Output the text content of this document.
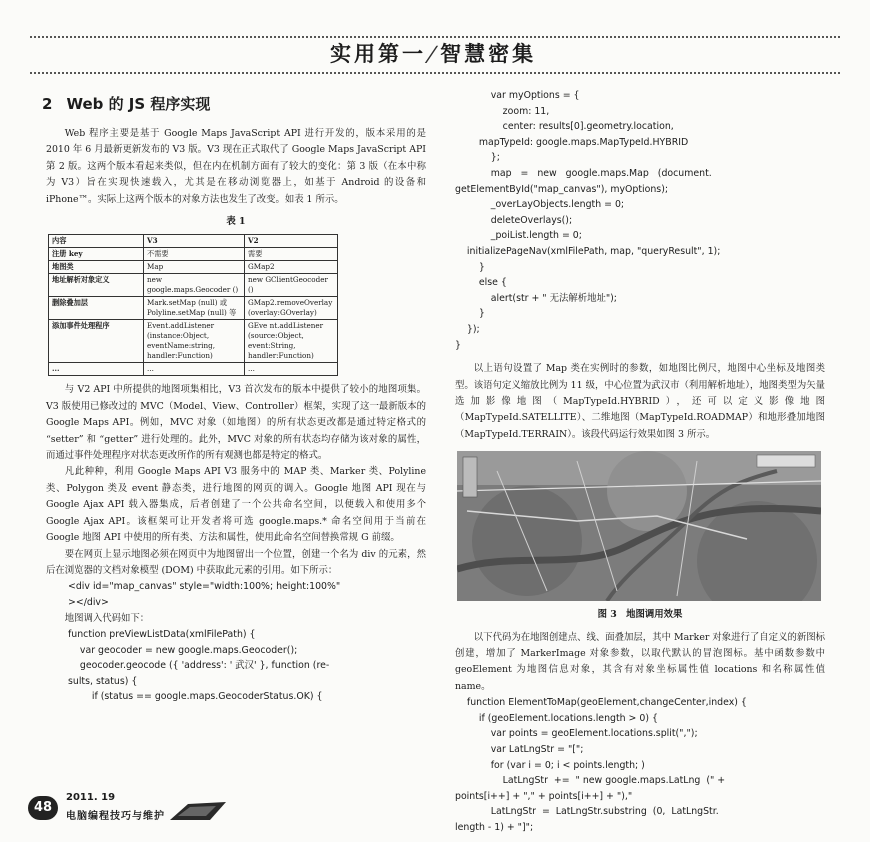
实用第一/智慧密集
2 Web 的 JS 程序实现

Web 程序主要是基于 Google Maps JavaScript API 进行开发的，版本采用的是 2010 年 6 月最新更新发布的 V3 版。V3 现在正式取代了 Google Maps JavaScript API 第 2 版。这两个版本看起来类似，但在内在机制方面有了较大的变化：第 3 版（在本中称为 V3）旨在实现快速载入，尤其是在移动浏览器上，如基于 Android 的设备和 iPhone™。实际上这两个版本的对象方法也发生了改变。如表 1 所示。

表 1
内容	V3	V2
注册 key	不需要	需要
地图类	Map	GMap2
地址解析对象定义	new google.maps.Geocoder ()	new GClientGeocoder ()
删除叠加层	Mark.setMap (null) 或 Polyline.setMap (null) 等	GMap2.removeOverlay (overlay:GOverlay)
添加事件处理程序	Event.addListener (instance:Object, eventName:string, handler:Function)	GEve nt.addListener (source:Object, event:String, handler:Function)
...	...	...

与 V2 API 中所提供的地图项集相比，V3 首次发布的版本中提供了较小的地图项集。V3 版使用已修改过的 MVC（Model、View、Controller）框架，实现了这一最新版本的 Google Maps API。例如，MVC 对象（如地图）的所有状态更改都是通过特定格式的 “setter” 和 “getter” 进行处理的。此外，MVC 对象的所有状态均存储为该对象的属性，而通过事件处理程序对状态更改所作的所有观测也都是特定的格式。

凡此种种，利用 Google Maps API V3 服务中的 MAP 类、Marker 类、Polyline 类、Polygon 类及 event 静态类，进行地图的网页的调入。Google 地图 API 现在与 Google Ajax API 载入器集成，后者创建了一个公共命名空间，以便载入和使用多个 Google Ajax API。该框架可让开发者将可选 google.maps.* 命名空间用于当前在 Google 地图 API 中使用的所有类、方法和属性，使用此命名空间替换常规 G 前缀。

要在网页上显示地图必须在网页中为地图留出一个位置，创建一个名为 div 的元素，然后在浏览器的文档对象模型 (DOM) 中获取此元素的引用。如下所示：

<div id="map_canvas" style="width:100%; height:100%"
></div>

地图调入代码如下：

function preViewListData(xmlFilePath) {
var geocoder = new google.maps.Geocoder();
geocoder.geocode ({ 'address': ' 武汉' }, function (re-
sults, status) {
if (status == google.maps.GeocoderStatus.OK) {
var myOptions = {
zoom: 11,
center: results[0].geometry.location,
mapTypeId: google.maps.MapTypeId.HYBRID
};
map   =   new   google.maps.Map   (document.
getElementById("map_canvas"), myOptions);
_overLayObjects.length = 0;
deleteOverlays();
_poiList.length = 0;
initializePageNav(xmlFilePath, map, "queryResult", 1);
}
else {
alert(str + " 无法解析地址");
}
});
}

以上语句设置了 Map 类在实例时的参数，如地图比例尺，地图中心坐标及地图类型。该语句定义缩放比例为 11 级，中心位置为武汉市（利用解析地址），地图类型为矢量选加影像地图（MapTypeId.HYBRID），还可以定义影像地图（MapTypeId.SATELLITE）、二维地图（MapTypeId.ROADMAP）和地形叠加地图（MapTypeId.TERRAIN）。该段代码运行效果如图 3 所示。

图 3　地图调用效果

以下代码为在地图创建点、线、面叠加层，其中 Marker 对象进行了自定义的新图标创建，增加了 MarkerImage 对象参数，以取代默认的冒泡图标。基中函数参数中 geoElement 为地图信息对象，其含有对象坐标属性值 locations 和名称属性值 name。

function ElementToMap(geoElement,changeCenter,index) {
if (geoElement.locations.length > 0) {
var points = geoElement.locations.split(",");
var LatLngStr = "[";
for (var i = 0; i < points.length; )
LatLngStr  +=  " new google.maps.LatLng  (" +
points[i++] + "," + points[i++] + "),"
LatLngStr  =  LatLngStr.substring  (0,  LatLngStr.
length - 1) + "]";
48
2011. 19
电脑编程技巧与维护
